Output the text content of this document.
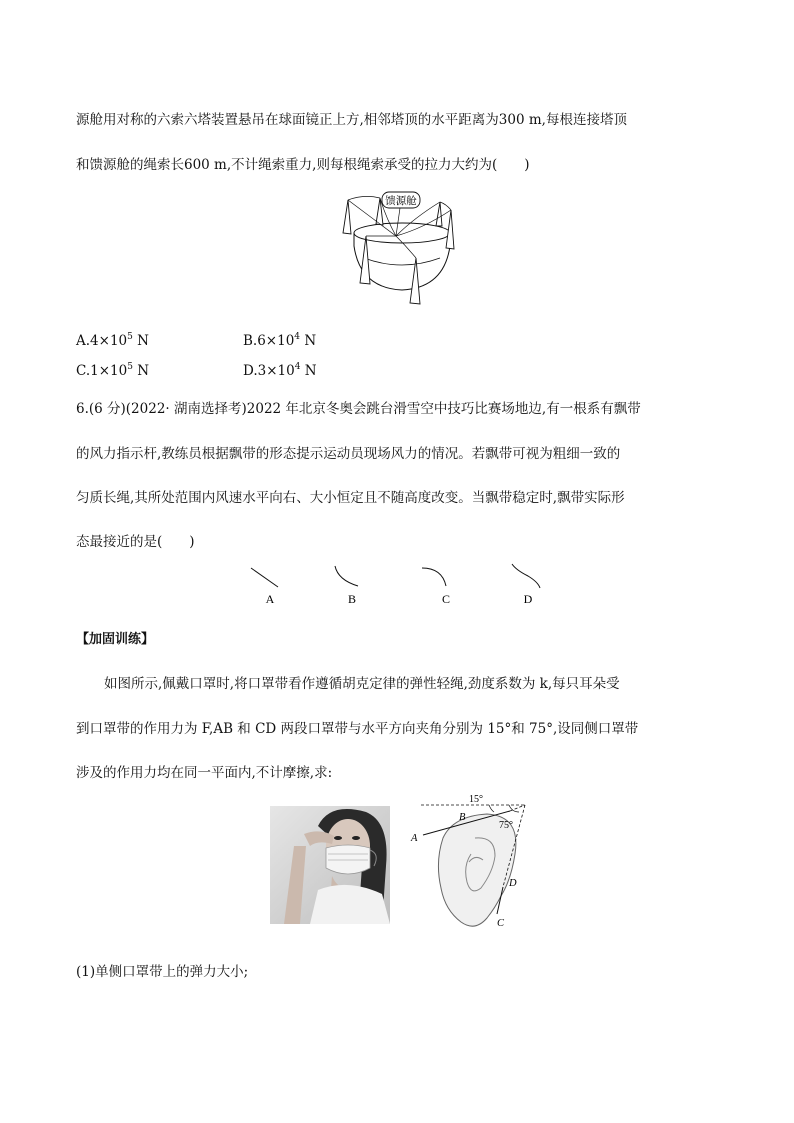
源舱用对称的六索六塔装置悬吊在球面镜正上方,相邻塔顶的水平距离为300 m,每根连接塔顶
和馈源舱的绳索长600 m,不计绳索重力,则每根绳索承受的拉力大约为(　　)
馈源舱
$A.4\times 10^5$ N	$B.6\times 10^4$ N
$C.1\times 10^5$ N	$D.3\times 10^4$ N
6.(6 分)(2022· 湖南选择考)2022 年北京冬奥会跳台滑雪空中技巧比赛场地边,有一根系有飘带
的风力指示杆,教练员根据飘带的形态提示运动员现场风力的情况。若飘带可视为粗细一致的
匀质长绳,其所处范围内风速水平向右、大小恒定且不随高度改变。当飘带稳定时,飘带实际形
态最接近的是(　　)
A	B	C	D
【加固训练】
如图所示,佩戴口罩时,将口罩带看作遵循胡克定律的弹性轻绳,劲度系数为 k,每只耳朵受
到口罩带的作用力为 F,AB 和 CD 两段口罩带与水平方向夹角分别为 15°和 75°,设同侧口罩带
涉及的作用力均在同一平面内,不计摩擦,求:
15°
75°
A
B
C
D
(1)单侧口罩带上的弹力大小;
